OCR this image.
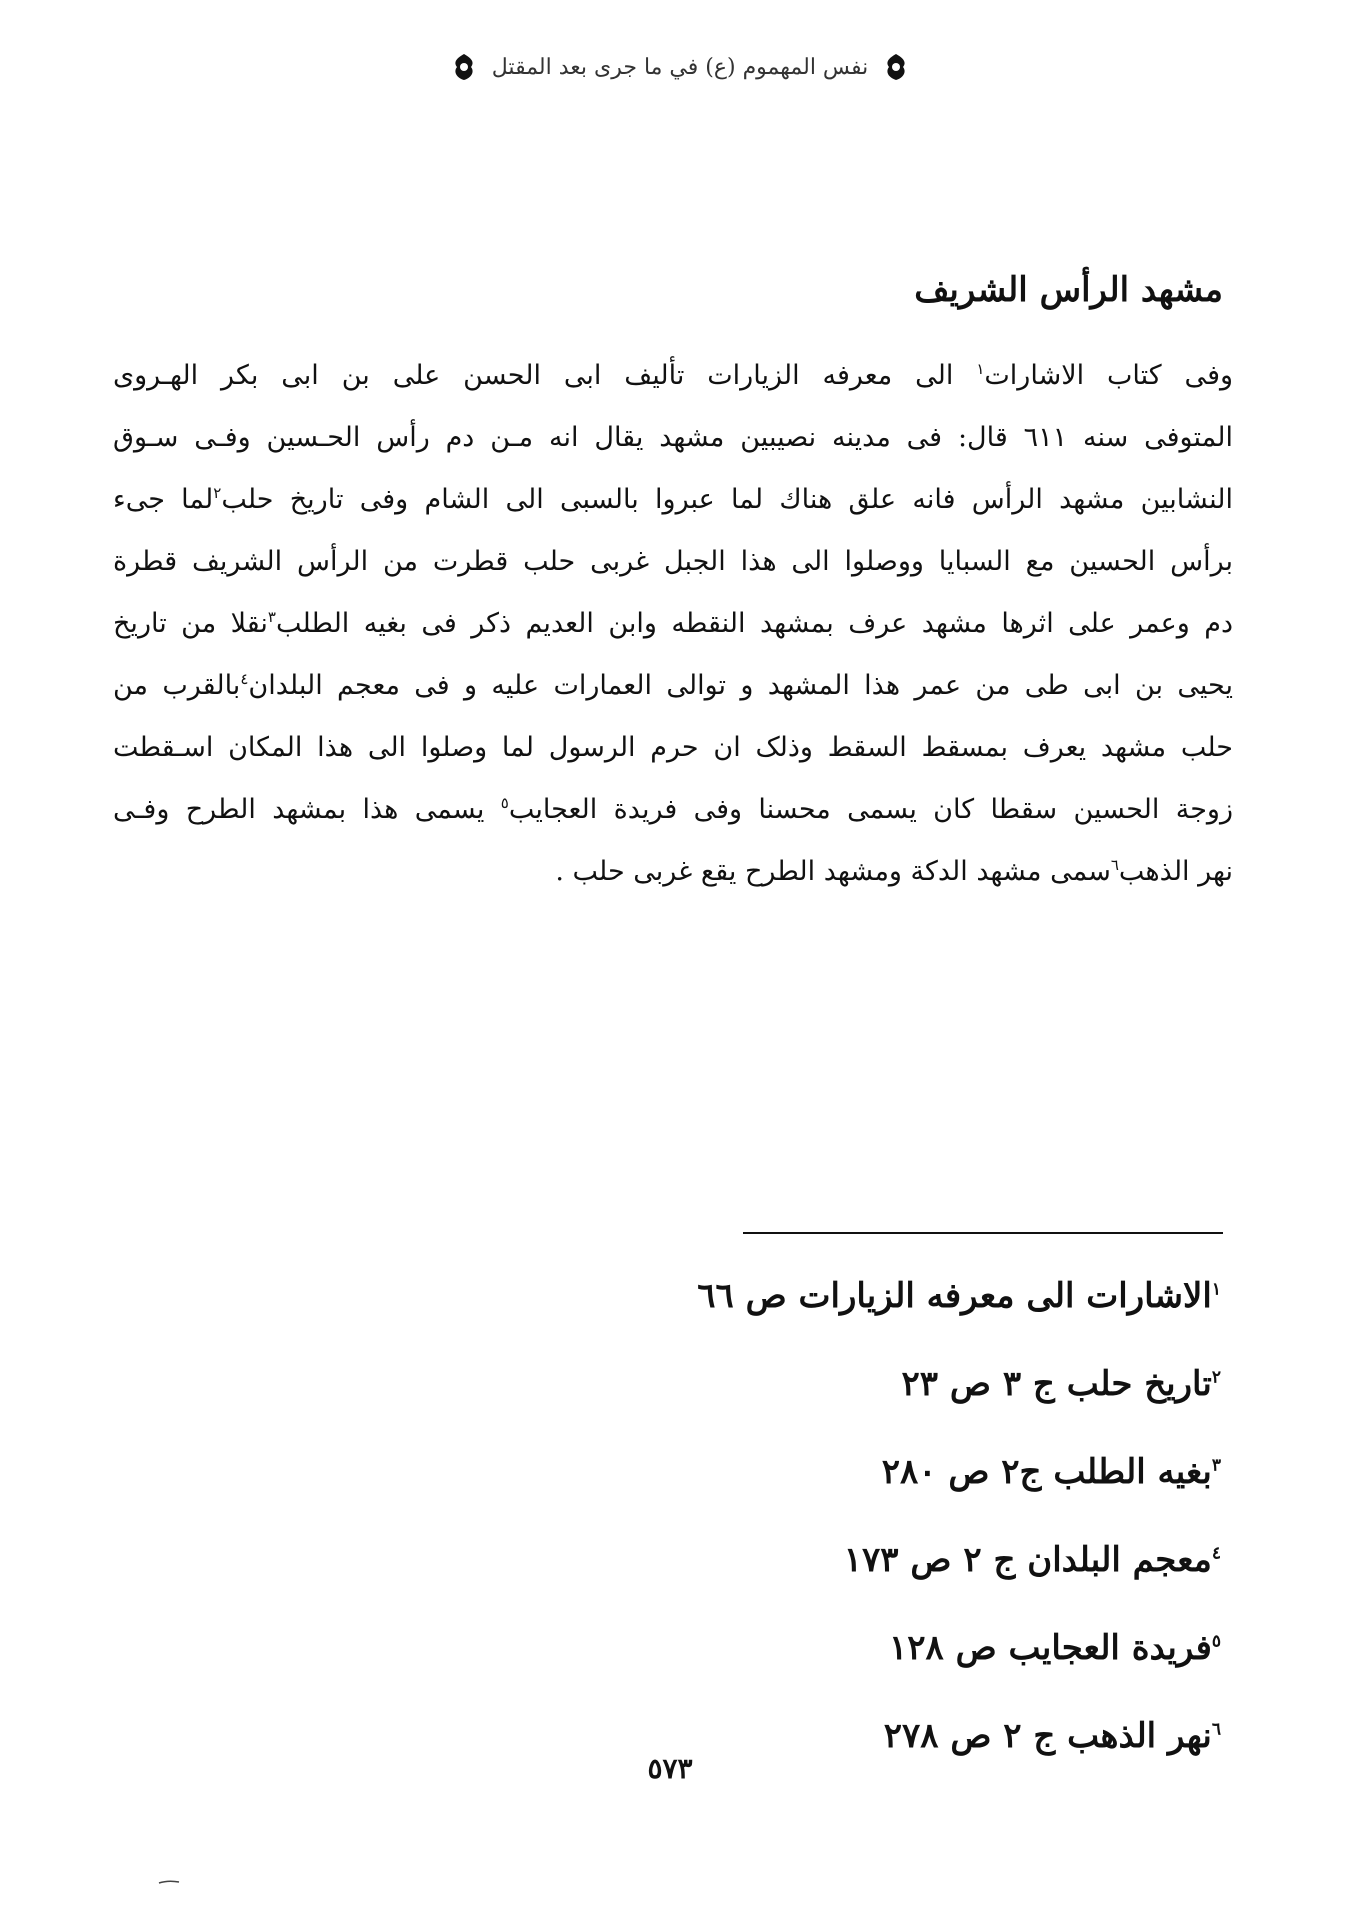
نفس المهموم (ع) في ما جرى بعد المقتل
مشهد الرأس الشريف
وفى كتاب الاشارات$^١$ الى معرفه الزيارات تأليف ابى الحسن على بن ابى بكر الهـروى
المتوفى سنه ٦١١ قال: فى مدينه نصيبين مشهد يقال انه مـن دم رأس الحـسين وفـى سـوق
النشابين مشهد الرأس فانه علق هناك لما عبروا بالسبى الى الشام وفى تاريخ حلب$^٢$لما جىء
برأس الحسين مع السبايا ووصلوا الى هذا الجبل غربى حلب قطرت من الرأس الشريف قطرة
دم وعمر على اثرها مشهد عرف بمشهد النقطه وابن العديم ذكر فى بغيه الطلب$^٣$نقلا من تاريخ
يحيى بن ابى طى من عمر هذا المشهد و توالى العمارات عليه و فى معجم البلدان$^٤$بالقرب من
حلب مشهد يعرف بمسقط السقط وذلک ان حرم الرسول لما وصلوا الى هذا المكان اسـقطت
زوجة الحسين سقطا كان يسمى محسنا وفى فريدة العجايب$^٥$ يسمى هذا بمشهد الطرح وفـى
نهر الذهب$^٦$سمى مشهد الدكة ومشهد الطرح يقع غربى حلب .
$^١$الاشارات الى معرفه الزيارات ص ٦٦
$^٢$تاريخ حلب ج ٣ ص ٢٣
$^٣$بغيه الطلب ج٢ ص ٢٨٠
$^٤$معجم البلدان ج ٢ ص ١٧٣
$^٥$فريدة العجايب ص ١٢٨
$^٦$نهر الذهب ج ٢ ص ٢٧٨
٥٧٣
